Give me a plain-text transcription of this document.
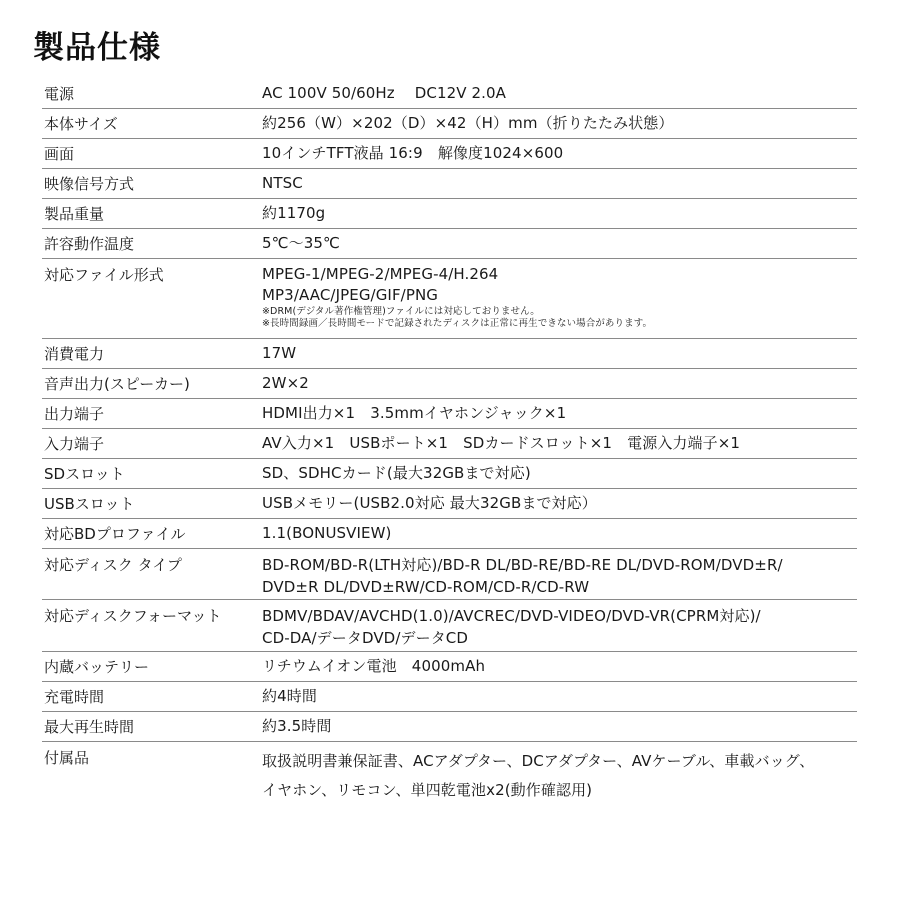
製品仕様
電源	AC 100V 50/60Hz　 DC12V 2.0A
本体サイズ	約256（W）×202（D）×42（H）mm（折りたたみ状態）
画面	10インチTFT液晶 16:9　解像度1024×600
映像信号方式	NTSC
製品重量	約1170g
許容動作温度	5℃～35℃
対応ファイル形式	MPEG-1/MPEG-2/MPEG-4/H.264
MP3/AAC/JPEG/GIF/PNG
※DRM(デジタル著作権管理)ファイルには対応しておりません。
※長時間録画／長時間モードで記録されたディスクは正常に再生できない場合があります。
消費電力	17W
音声出力(スピーカー)	2W×2
出力端子	HDMI出力×1　3.5mmイヤホンジャック×1
入力端子	AV入力×1　USBポート×1　SDカードスロット×1　電源入力端子×1
SDスロット	SD、SDHCカード(最大32GBまで対応)
USBスロット	USBメモリー(USB2.0対応 最大32GBまで対応）
対応BDプロファイル	1.1(BONUSVIEW)
対応ディスク タイプ	BD-ROM/BD-R(LTH対応)/BD-R DL/BD-RE/BD-RE DL/DVD-ROM/DVD±R/
DVD±R DL/DVD±RW/CD-ROM/CD-R/CD-RW
対応ディスクフォーマット	BDMV/BDAV/AVCHD(1.0)/AVCREC/DVD-VIDEO/DVD-VR(CPRM対応)/
CD-DA/データDVD/データCD
内蔵バッテリー	リチウムイオン電池　4000mAh
充電時間	約4時間
最大再生時間	約3.5時間
付属品	取扱説明書兼保証書、ACアダプター、DCアダプター、AVケーブル、車載バッグ、
イヤホン、リモコン、単四乾電池x2(動作確認用)
